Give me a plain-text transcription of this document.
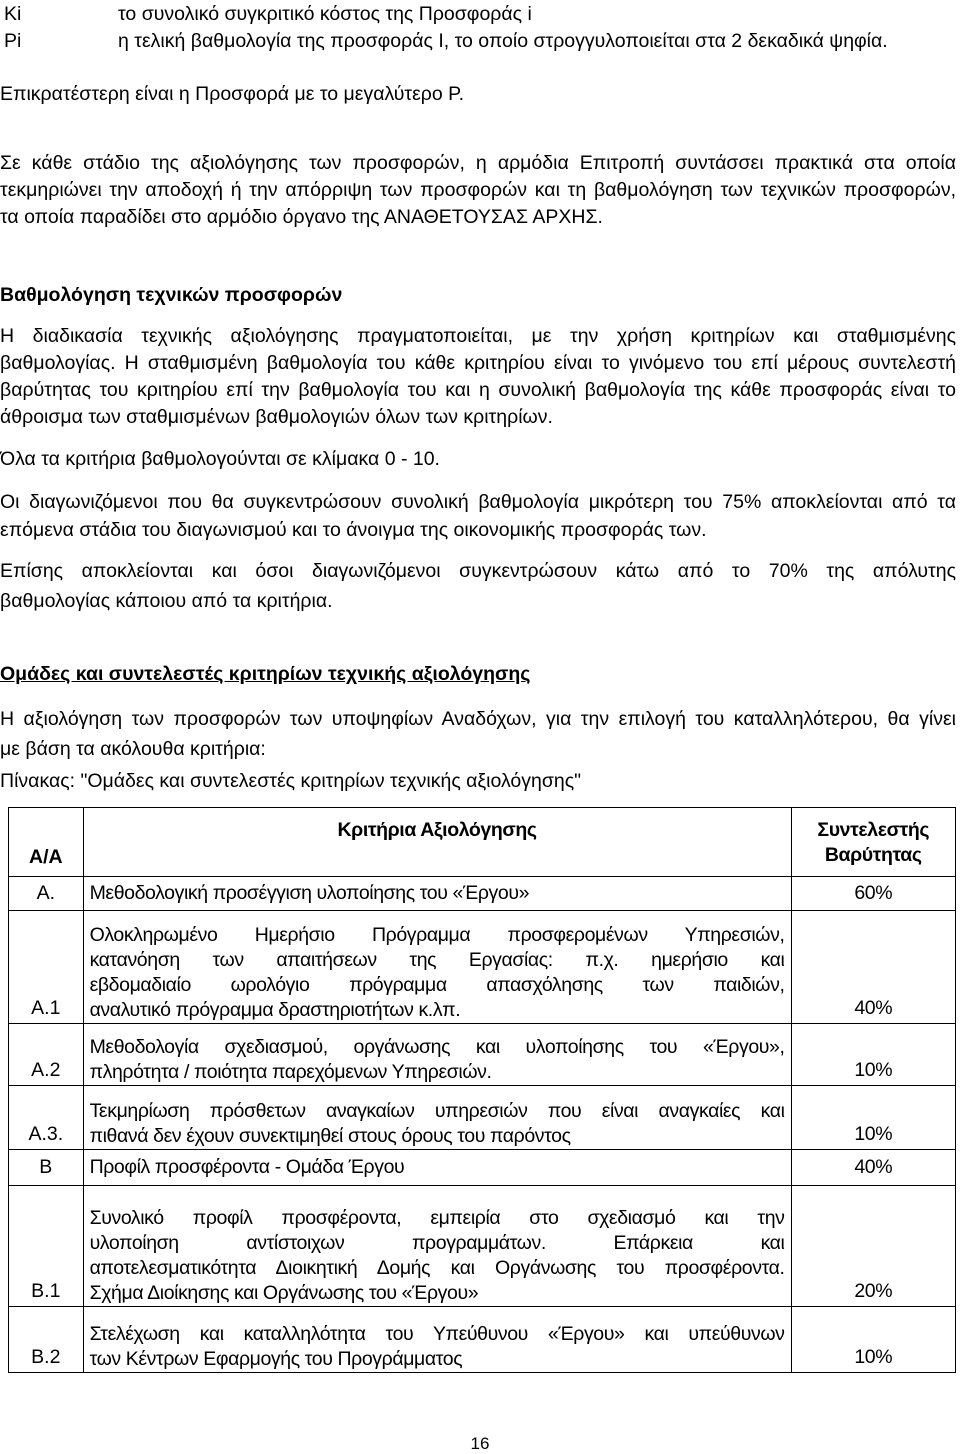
Κi	το συνολικό συγκριτικό κόστος της Προσφοράς i
Ρi	η τελική βαθμολογία της προσφοράς Ι, το οποίο στρογγυλοποιείται στα 2 δεκαδικά ψηφία.
Επικρατέστερη είναι η Προσφορά με το μεγαλύτερο Ρ.
Σε κάθε στάδιο της αξιολόγησης των προσφορών, η αρμόδια Επιτροπή συντάσσει πρακτικά στα οποία
τεκμηριώνει την αποδοχή ή την απόρριψη των προσφορών και τη βαθμολόγηση των τεχνικών προσφορών,
τα οποία παραδίδει στο αρμόδιο όργανο της ΑΝΑΘΕΤΟΥΣΑΣ ΑΡΧΗΣ.
Βαθμολόγηση τεχνικών προσφορών
Η διαδικασία τεχνικής αξιολόγησης πραγματοποιείται, με την χρήση κριτηρίων και σταθμισμένης
βαθμολογίας. Η σταθμισμένη βαθμολογία του κάθε κριτηρίου είναι το γινόμενο του επί μέρους συντελεστή
βαρύτητας του κριτηρίου επί την βαθμολογία του και η συνολική βαθμολογία της κάθε προσφοράς είναι το
άθροισμα των σταθμισμένων βαθμολογιών όλων των κριτηρίων.
Όλα τα κριτήρια βαθμολογούνται σε κλίμακα 0 - 10.
Οι διαγωνιζόμενοι που θα συγκεντρώσουν συνολική βαθμολογία μικρότερη του 75% αποκλείονται από τα
επόμενα στάδια του διαγωνισμού και το άνοιγμα της οικονομικής προσφοράς των.
Επίσης αποκλείονται και όσοι διαγωνιζόμενοι συγκεντρώσουν κάτω από το 70% της απόλυτης
βαθμολογίας κάποιου από τα κριτήρια.
Ομάδες και συντελεστές κριτηρίων τεχνικής αξιολόγησης
Η αξιολόγηση των προσφορών των υποψηφίων Αναδόχων, για την επιλογή του καταλληλότερου, θα γίνει
με βάση τα ακόλουθα κριτήρια:
Πίνακας: "Ομάδες και συντελεστές κριτηρίων τεχνικής αξιολόγησης"
Α/Α	Κριτήρια Αξιολόγησης	Συντελεστής
Βαρύτητας

Α.	Μεθοδολογική προσέγγιση υλοποίησης του «Έργου»	60%
Α.1	Ολοκληρωμένο Ημερήσιο Πρόγραμμα προσφερομένων Υπηρεσιών,
κατανόηση των απαιτήσεων της Εργασίας: π.χ. ημερήσιο και
εβδομαδιαίο ωρολόγιο πρόγραμμα απασχόλησης των παιδιών,
αναλυτικό πρόγραμμα δραστηριοτήτων κ.λπ.	40%
Α.2	Μεθοδολογία σχεδιασμού, οργάνωσης και υλοποίησης του «Έργου»,
πληρότητα / ποιότητα παρεχόμενων Υπηρεσιών.	10%
Α.3.	Τεκμηρίωση πρόσθετων αναγκαίων υπηρεσιών που είναι αναγκαίες και
πιθανά δεν έχουν συνεκτιμηθεί στους όρους του παρόντος	10%
Β	Προφίλ προσφέροντα - Ομάδα Έργου	40%
Β.1	Συνολικό προφίλ προσφέροντα, εμπειρία στο σχεδιασμό και την
υλοποίηση αντίστοιχων προγραμμάτων. Επάρκεια και
αποτελεσματικότητα Διοικητική Δομής και Οργάνωσης του προσφέροντα.
Σχήμα Διοίκησης και Οργάνωσης του «Έργου»	20%
Β.2	Στελέχωση και καταλληλότητα του Υπεύθυνου «Έργου» και υπεύθυνων
των Κέντρων Εφαρμογής του Προγράμματος	10%
16
